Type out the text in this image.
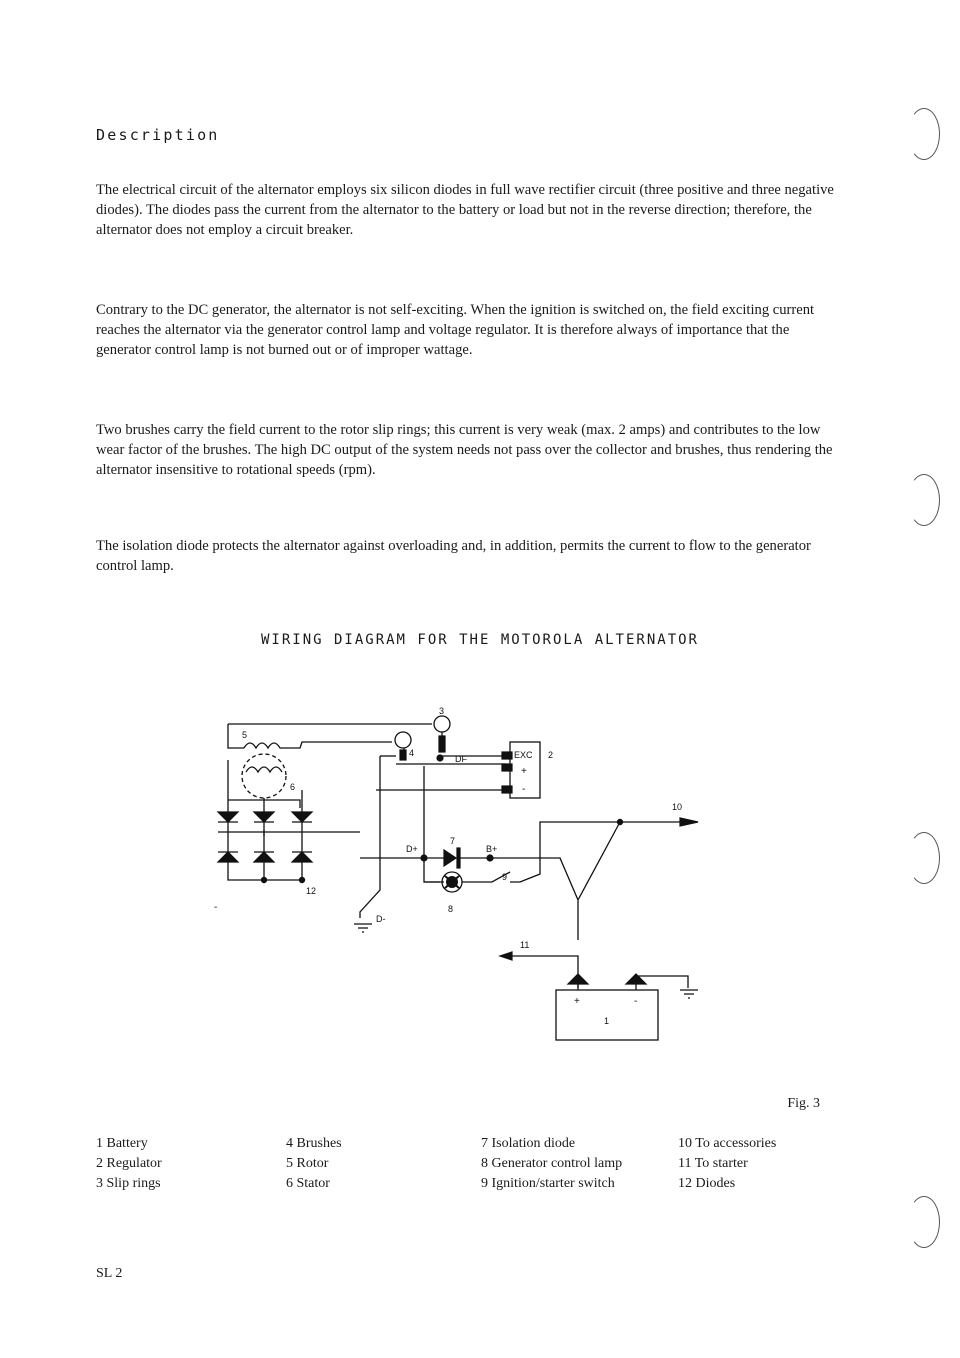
Description

The electrical circuit of the alternator employs six silicon diodes in full wave rectifier circuit (three positive and three negative diodes). The diodes pass the current from the alternator to the battery or load but not in the reverse direction; therefore, the alternator does not employ a circuit breaker.

Contrary to the DC generator, the alternator is not self-exciting. When the ignition is switched on, the field exciting current reaches the alternator via the generator control lamp and voltage regulator. It is therefore always of importance that the generator control lamp is not burned out or of improper wattage.

Two brushes carry the field current to the rotor slip rings; this current is very weak (max. 2 amps) and contributes to the low wear factor of the brushes. The high DC output of the system needs not pass over the collector and brushes, thus rendering the alternator insensitive to rotational speeds (rpm).

The isolation diode protects the alternator against overloading and, in addition, permits the current to flow to the generator control lamp.

WIRING DIAGRAM FOR THE MOTOROLA ALTERNATOR
5
6
4
3
DF	EXC
+
-
2
10
D+
7
B+
9
8
D-
12
-
11
+	-
1
Fig. 3
1 Battery
2 Regulator
3 Slip rings
4 Brushes
5 Rotor
6 Stator
7 Isolation diode
8 Generator control lamp
9 Ignition/starter switch
10 To accessories
11 To starter
12 Diodes
SL 2
